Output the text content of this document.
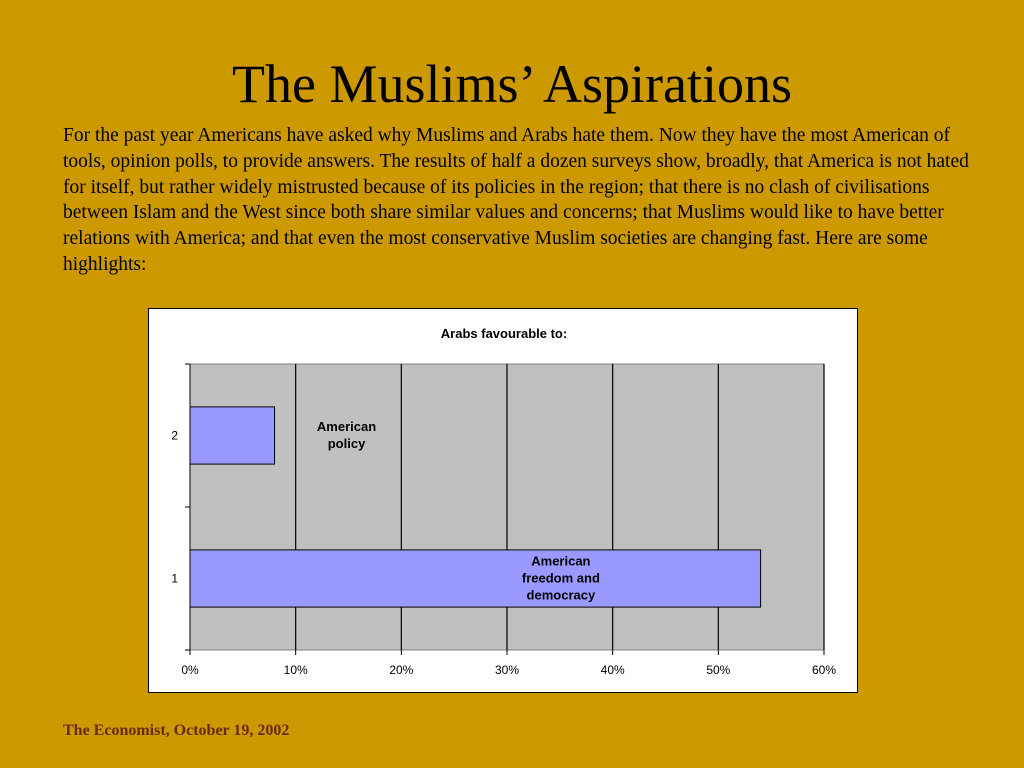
The Muslims’ Aspirations
For the past year Americans have asked why Muslims and Arabs hate them. Now they have the most American of tools, opinion polls, to provide answers. The results of half a dozen surveys show, broadly, that America is not hated for itself, but rather widely mistrusted because of its policies in the region; that there is no clash of civilisations between Islam and the West since both share similar values and concerns; that Muslims would like to have better relations with America; and that even the most conservative Muslim societies are changing fast. Here are some highlights:
Arabs favourable to:
0%	10%	20%	30%	40%	50%	60%
1
American
freedom and
democracy
2
American
policy
The Economist, October 19, 2002
